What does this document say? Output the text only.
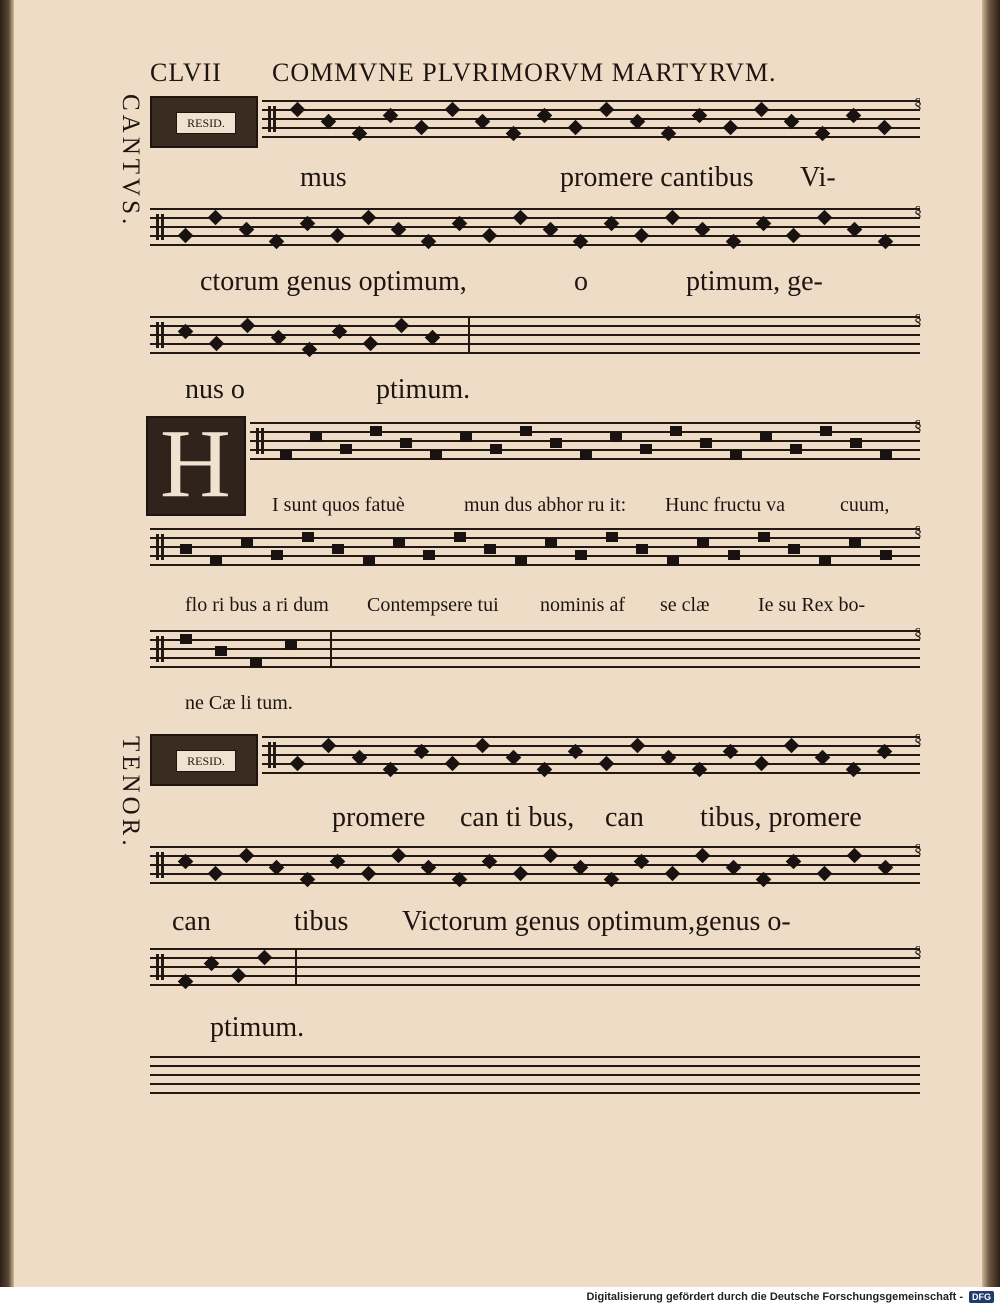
CLVII COMMVNE PLVRIMORVM MARTYRVM.
CANTVS.
TENOR.
RESID.
RESID.
H
§
§
§
§
§
§
§
§
§
mus	promere cantibus Vi-
ctorum genus optimum,	o	ptimum, ge-
nus o	ptimum.
I sunt quos fatuè	mun dus abhor ru it: Hunc fructu va	cuum,
flo ri bus a ri dum Contempsere tui nominis af se clæ Ie su Rex bo-
ne Cæ li tum.
promere can ti bus, can tibus, promere
can	tibus Victorum genus optimum,genus o-
ptimum.
Digitalisierung gefördert durch die Deutsche Forschungsgemeinschaft -	DFG
